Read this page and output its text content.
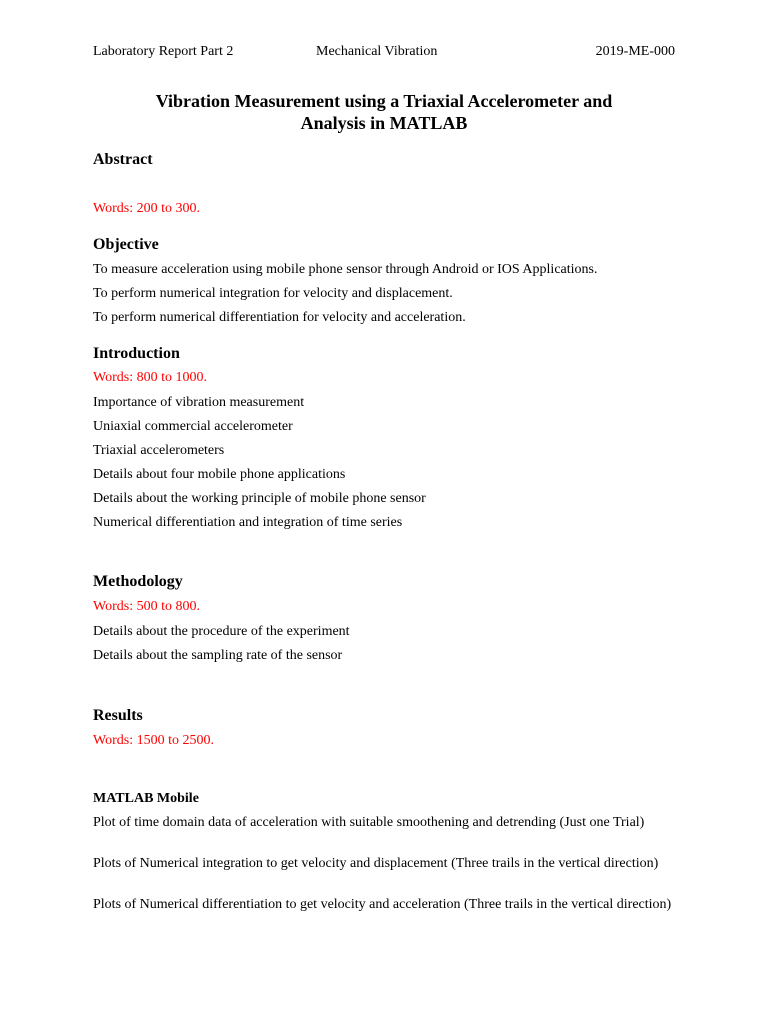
Laboratory Report Part 2	Mechanical Vibration	2019-ME-000
Vibration Measurement using a Triaxial Accelerometer and
Analysis in MATLAB
Abstract
Words: 200 to 300.
Objective
To measure acceleration using mobile phone sensor through Android or IOS Applications.
To perform numerical integration for velocity and displacement.
To perform numerical differentiation for velocity and acceleration.
Introduction
Words: 800 to 1000.
Importance of vibration measurement
Uniaxial commercial accelerometer
Triaxial accelerometers
Details about four mobile phone applications
Details about the working principle of mobile phone sensor
Numerical differentiation and integration of time series
Methodology
Words: 500 to 800.
Details about the procedure of the experiment
Details about the sampling rate of the sensor
Results
Words: 1500 to 2500.
MATLAB Mobile
Plot of time domain data of acceleration with suitable smoothening and detrending (Just one Trial)
Plots of Numerical integration to get velocity and displacement (Three trails in the vertical direction)
Plots of Numerical differentiation to get velocity and acceleration (Three trails in the vertical direction)
